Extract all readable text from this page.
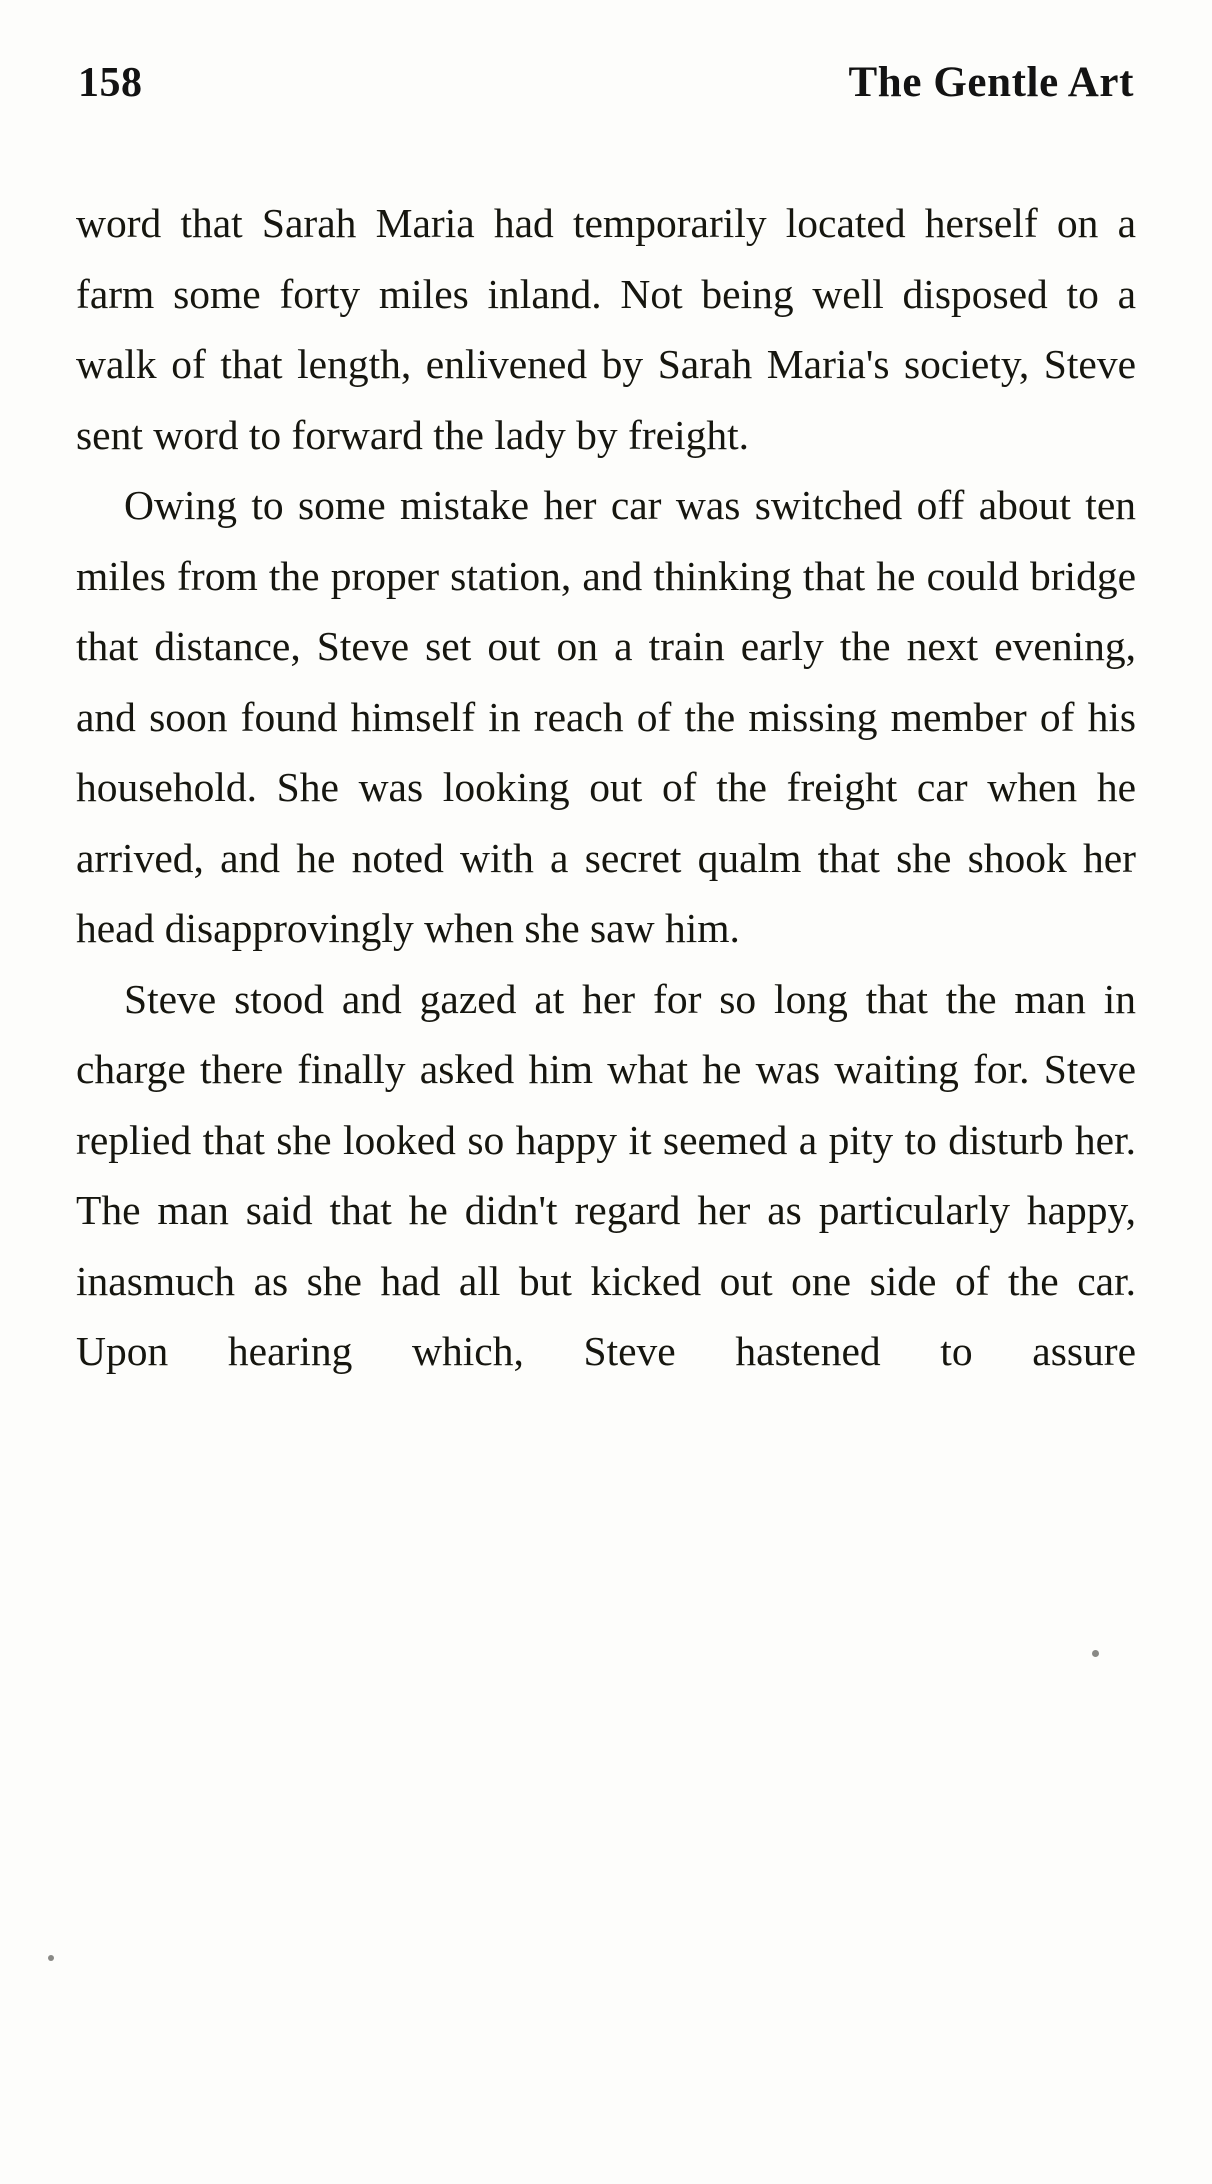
158	The Gentle Art

word that Sarah Maria had temporarily located herself on a farm some forty miles inland. Not being well disposed to a walk of that length, enlivened by Sarah Maria's society, Steve sent word to forward the lady by freight.

Owing to some mistake her car was switched off about ten miles from the proper station, and thinking that he could bridge that distance, Steve set out on a train early the next evening, and soon found himself in reach of the missing member of his household. She was looking out of the freight car when he arrived, and he noted with a secret qualm that she shook her head disapprovingly when she saw him.

Steve stood and gazed at her for so long that the man in charge there finally asked him what he was waiting for. Steve replied that she looked so happy it seemed a pity to disturb her. The man said that he didn't regard her as particularly happy, inasmuch as she had all but kicked out one side of the car. Upon hearing which, Steve hastened to assure
